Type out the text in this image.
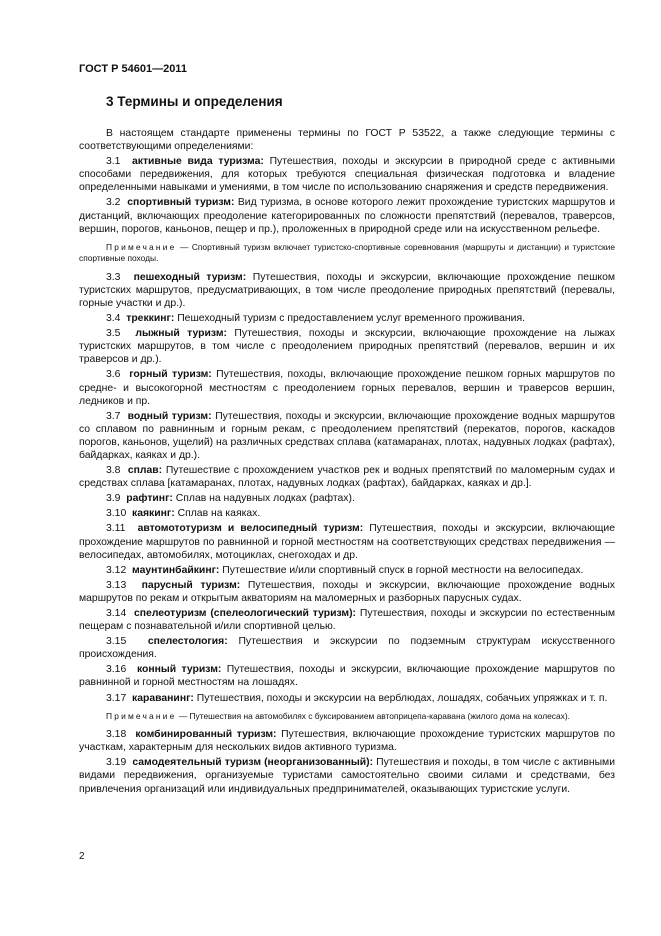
ГОСТ Р 54601—2011
3 Термины и определения

В настоящем стандарте применены термины по ГОСТ Р 53522, а также следующие термины с соответствующими определениями:

3.1 активные вида туризма: Путешествия, походы и экскурсии в природной среде с активными способами передвижения, для которых требуются специальная физическая подготовка и владение определенными навыками и умениями, в том числе по использованию снаряжения и средств передвижения.

3.2 спортивный туризм: Вид туризма, в основе которого лежит прохождение туристских маршрутов и дистанций, включающих преодоление категорированных по сложности препятствий (перевалов, траверсов, вершин, порогов, каньонов, пещер и пр.), проложенных в природной среде или на искусственном рельефе.

Примечание — Спортивный туризм включает туристско-спортивные соревнования (маршруты и дистанции) и туристские спортивные походы.

3.3 пешеходный туризм: Путешествия, походы и экскурсии, включающие прохождение пешком туристских маршрутов, предусматривающих, в том числе преодоление природных препятствий (перевалы, горные участки и др.).

3.4 треккинг: Пешеходный туризм с предоставлением услуг временного проживания.

3.5 лыжный туризм: Путешествия, походы и экскурсии, включающие прохождение на лыжах туристских маршрутов, в том числе с преодолением природных препятствий (перевалов, вершин и их траверсов и др.).

3.6 горный туризм: Путешествия, походы, включающие прохождение пешком горных маршрутов по средне- и высокогорной местностям с преодолением горных перевалов, вершин и траверсов вершин, ледников и пр.

3.7 водный туризм: Путешествия, походы и экскурсии, включающие прохождение водных маршрутов со сплавом по равнинным и горным рекам, с преодолением препятствий (перекатов, порогов, каскадов порогов, каньонов, ущелий) на различных средствах сплава (катамаранах, плотах, надувных лодках (рафтах), байдарках, каяках и др.).

3.8 сплав: Путешествие с прохождением участков рек и водных препятствий по маломерным судах и средствах сплава [катамаранах, плотах, надувных лодках (рафтах), байдарках, каяках и др.].

3.9 рафтинг: Сплав на надувных лодках (рафтах).

3.10 каякинг: Сплав на каяках.

3.11 автомототуризм и велосипедный туризм: Путешествия, походы и экскурсии, включающие прохождение маршрутов по равнинной и горной местностям на соответствующих средствах передвижения — велосипедах, автомобилях, мотоциклах, снегоходах и др.

3.12 маунтинбайкинг: Путешествие и/или спортивный спуск в горной местности на велосипедах.

3.13 парусный туризм: Путешествия, походы и экскурсии, включающие прохождение водных маршрутов по рекам и открытым акваториям на маломерных и разборных парусных судах.

3.14 спелеотуризм (спелеологический туризм): Путешествия, походы и экскурсии по естественным пещерам с познавательной и/или спортивной целью.

3.15 спелестология: Путешествия и экскурсии по подземным структурам искусственного происхождения.

3.16 конный туризм: Путешествия, походы и экскурсии, включающие прохождение маршрутов по равнинной и горной местностям на лошадях.

3.17 караванинг: Путешествия, походы и экскурсии на верблюдах, лошадях, собачьих упряжках и т. п.

Примечание — Путешествия на автомобилях с буксированием автоприцепа-каравана (жилого дома на колесах).

3.18 комбинированный туризм: Путешествия, включающие прохождение туристских маршрутов по участкам, характерным для нескольких видов активного туризма.

3.19 самодеятельный туризм (неорганизованный): Путешествия и походы, в том числе с активными видами передвижения, организуемые туристами самостоятельно своими силами и средствами, без привлечения организаций или индивидуальных предпринимателей, оказывающих туристские услуги.

2
